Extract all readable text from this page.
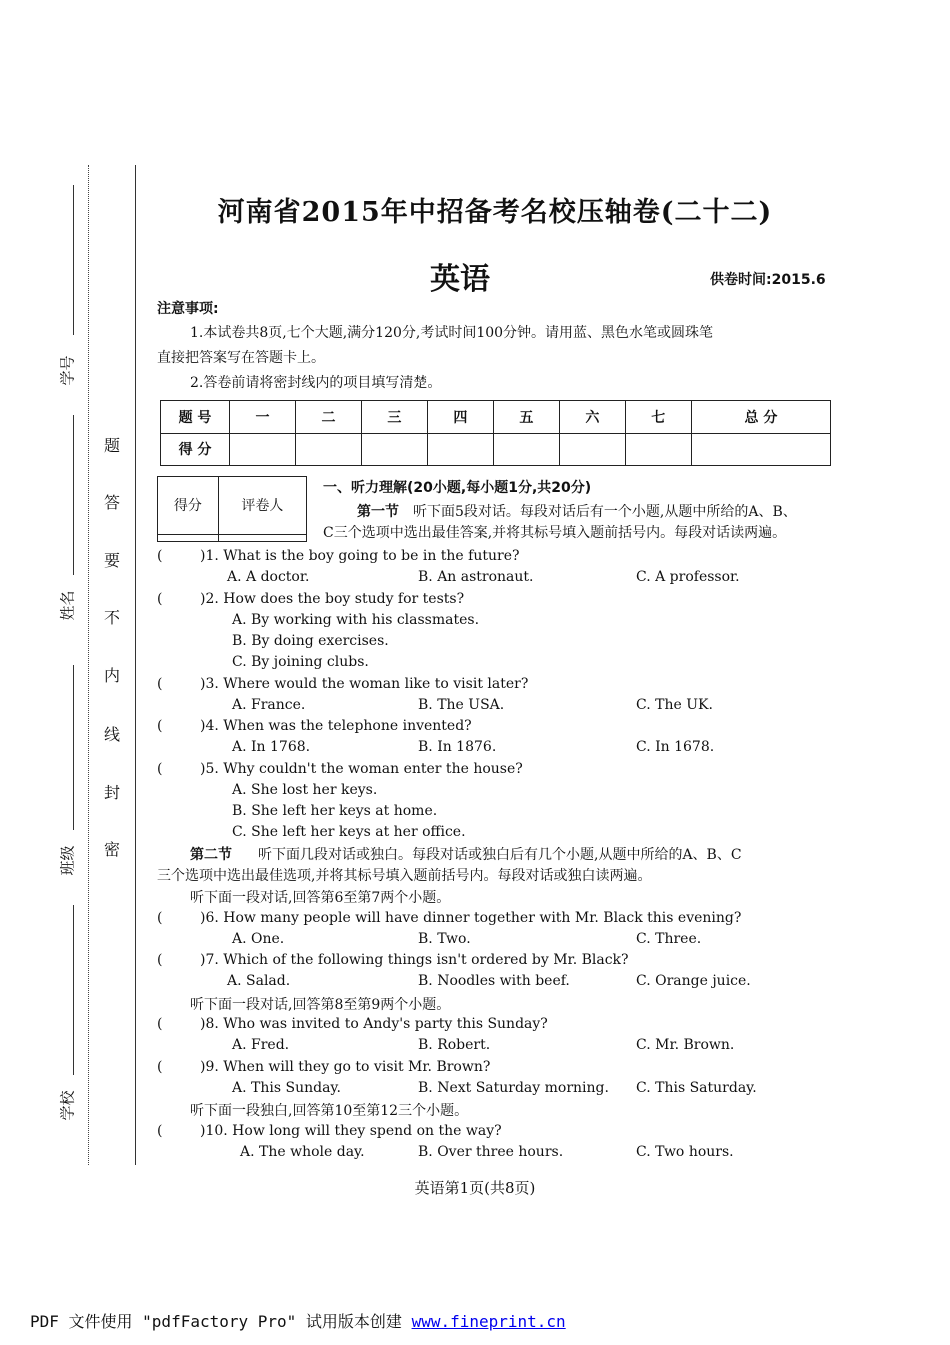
学号
姓名
班级
学校
题
答
要
不
内
线
封
密
河南省2015年中招备考名校压轴卷(二十二)
英语	供卷时间:2015.6
注意事项:
1.本试卷共8页,七个大题,满分120分,考试时间100分钟。请用蓝、黑色水笔或圆珠笔
直接把答案写在答题卡上。
2.答卷前请将密封线内的项目填写清楚。
题 号	一	二	三	四	五	六	七	总 分
得 分								
得分	评卷人

一、听力理解(20小题,每小题1分,共20分)
第一节 听下面5段对话。每段对话后有一个小题,从题中所给的A、B、
C三个选项中选出最佳答案,并将其标号填入题前括号内。每段对话读两遍。
(	)1. What is the boy going to be in the future?
A. A doctor.	B. An astronaut.	C. A professor.
(	)2. How does the boy study for tests?
A. By working with his classmates.
B. By doing exercises.
C. By joining clubs.
(	)3. Where would the woman like to visit later?
A. France.	B. The USA.	C. The UK.
(	)4. When was the telephone invented?
A. In 1768.	B. In 1876.	C. In 1678.
(	)5. Why couldn't the woman enter the house?
A. She lost her keys.
B. She left her keys at home.
C. She left her keys at her office.
第二节 听下面几段对话或独白。每段对话或独白后有几个小题,从题中所给的A、B、C
三个选项中选出最佳选项,并将其标号填入题前括号内。每段对话或独白读两遍。
听下面一段对话,回答第6至第7两个小题。
(	)6. How many people will have dinner together with Mr. Black this evening?
A. One.	B. Two.	C. Three.
(	)7. Which of the following things isn't ordered by Mr. Black?
A. Salad.	B. Noodles with beef.	C. Orange juice.
听下面一段对话,回答第8至第9两个小题。
(	)8. Who was invited to Andy's party this Sunday?
A. Fred.	B. Robert.	C. Mr. Brown.
(	)9. When will they go to visit Mr. Brown?
A. This Sunday.	B. Next Saturday morning. C. This Saturday.
听下面一段独白,回答第10至第12三个小题。
(	)10. How long will they spend on the way?
A. The whole day.	B. Over three hours.	C. Two hours.
英语第1页(共8页)
PDF 文件使用 "pdfFactory Pro" 试用版本创建 www.fineprint.cn
